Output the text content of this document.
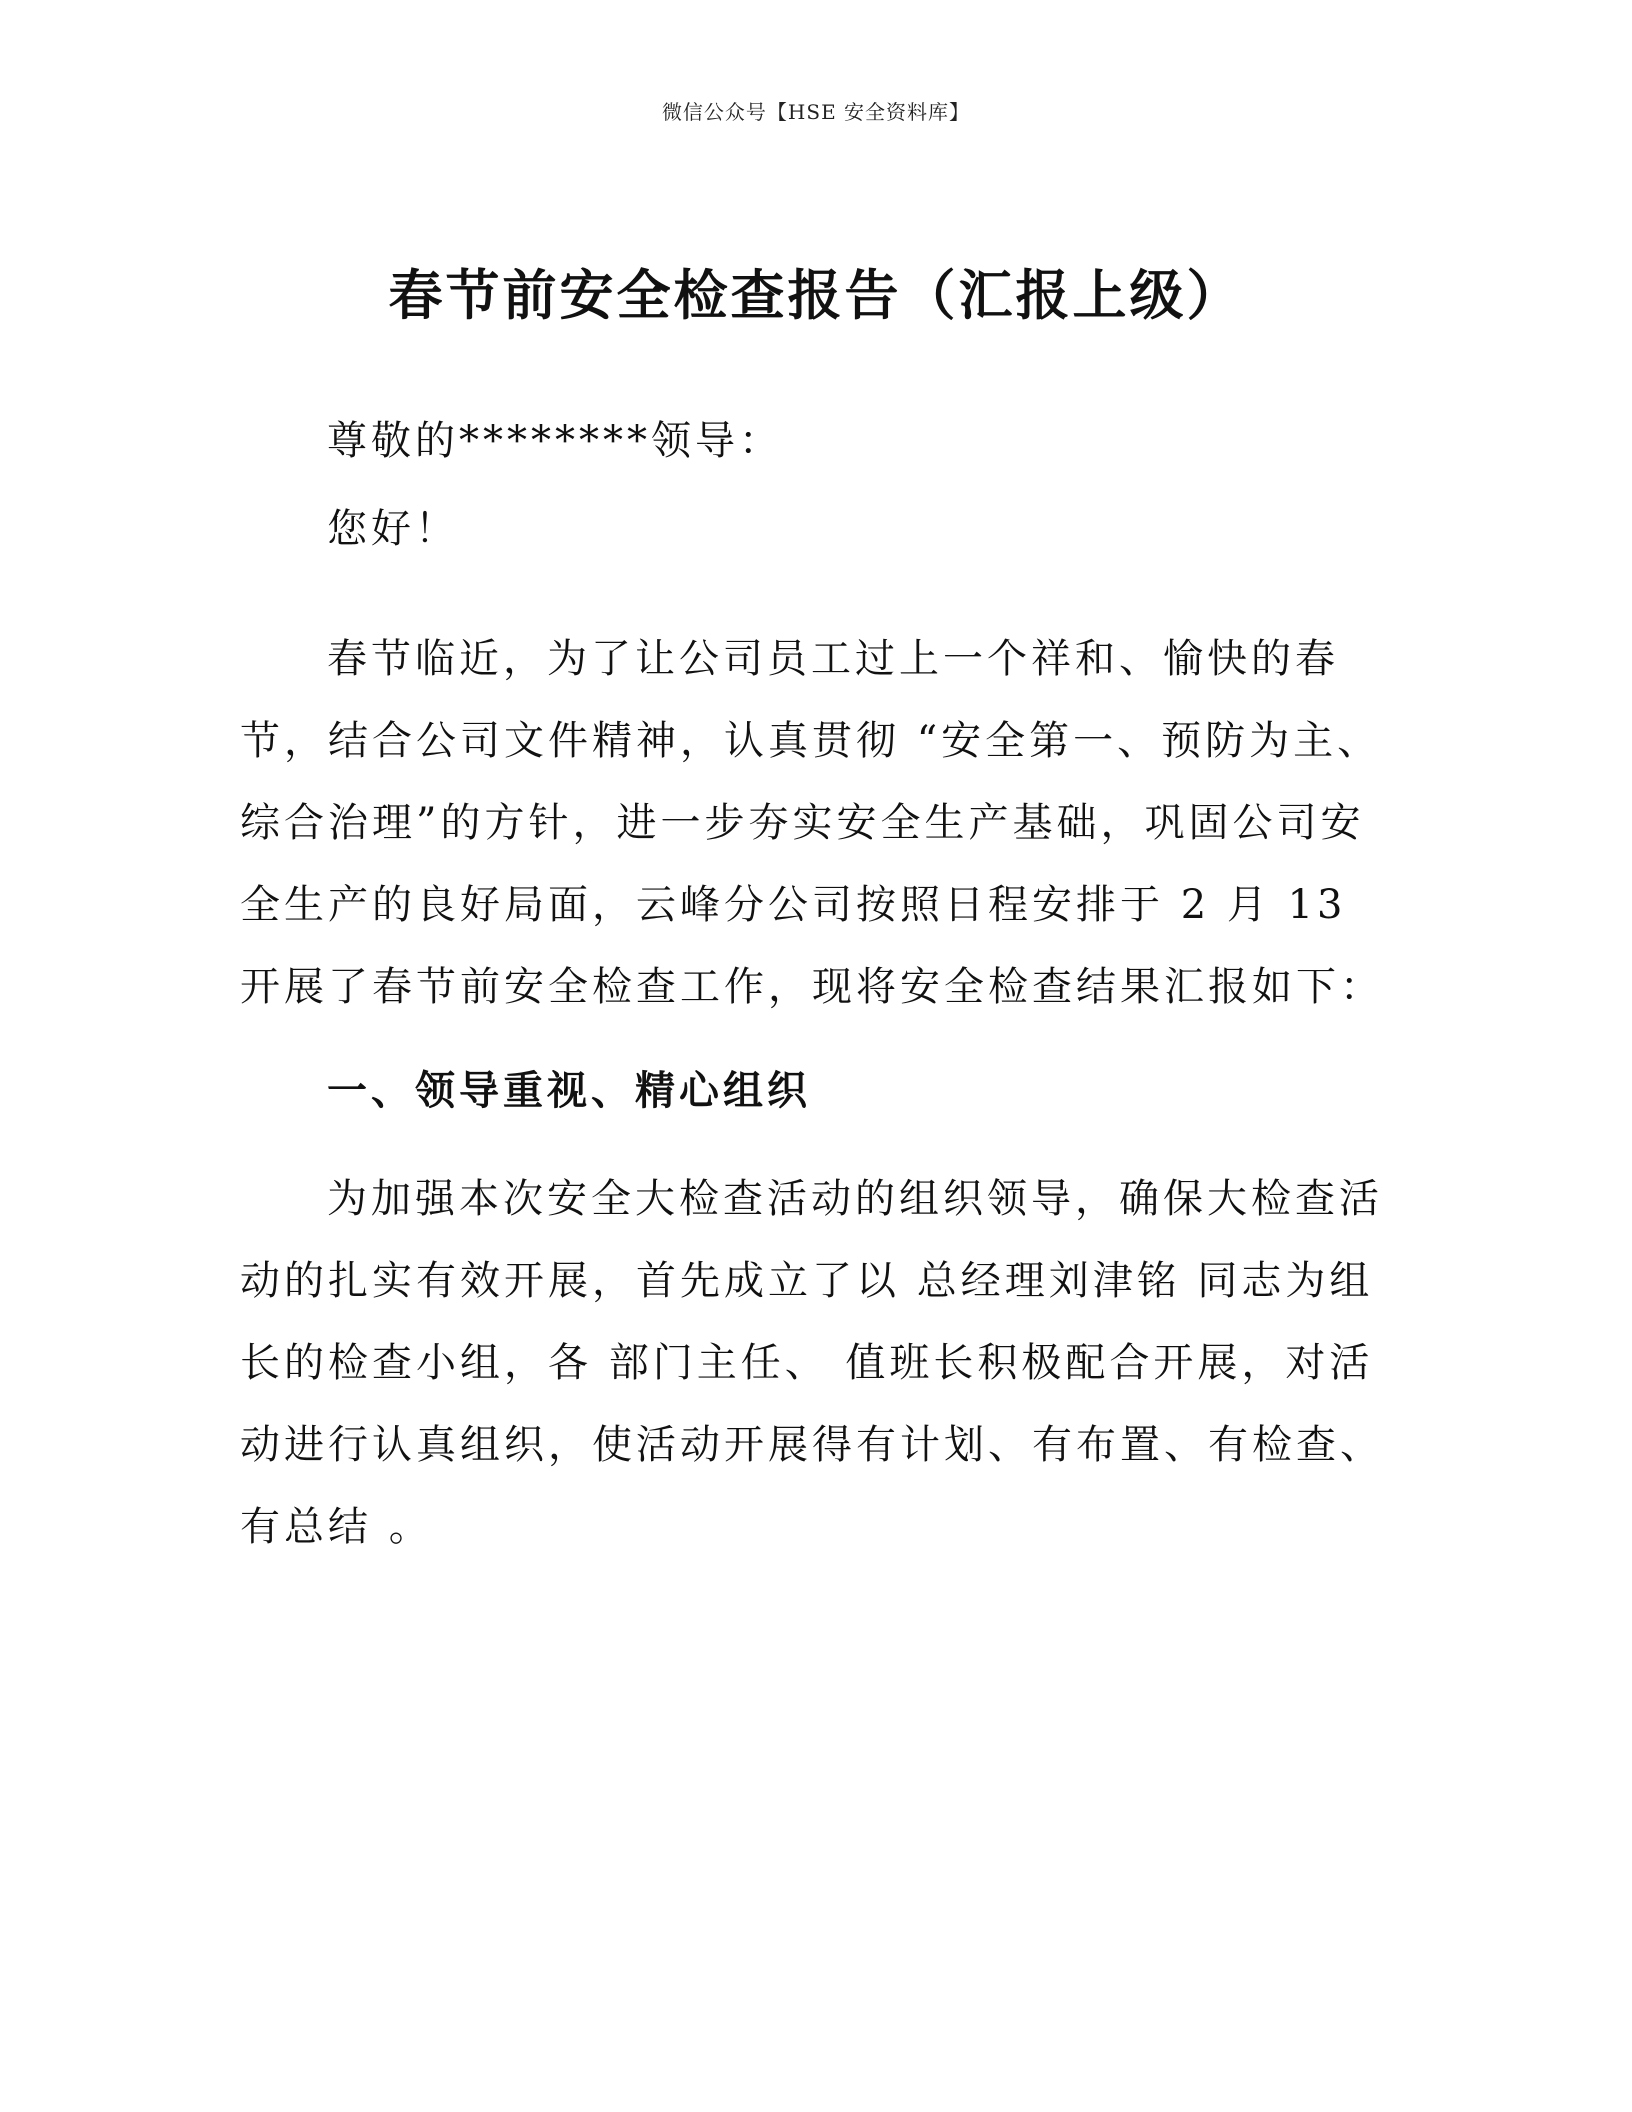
微信公众号【HSE 安全资料库】
春节前安全检查报告（汇报上级）

尊敬的********领导：

您好！

春节临近，为了让公司员工过上一个祥和、愉快的春节，结合公司文件精神，认真贯彻 “安全第一、预防为主、综合治理”的方针，进一步夯实安全生产基础，巩固公司安全生产的良好局面，云峰分公司按照日程安排于 2 月 13 开展了春节前安全检查工作，现将安全检查结果汇报如下：

一、领导重视、精心组织

为加强本次安全大检查活动的组织领导，确保大检查活动的扎实有效开展，首先成立了以 总经理刘津铭 同志为组长的检查小组，各 部门主任、 值班长积极配合开展，对活动进行认真组织，使活动开展得有计划、有布置、有检查、有总结 。
